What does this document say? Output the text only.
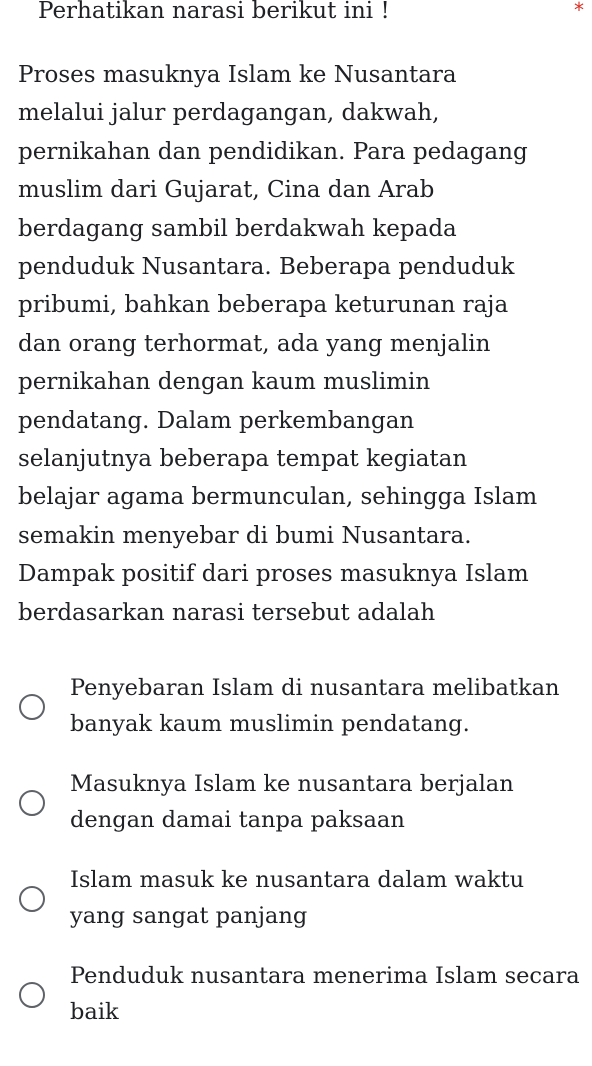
Perhatikan narasi berikut ini !	*

Proses masuknya Islam ke Nusantara
melalui jalur perdagangan, dakwah,
pernikahan dan pendidikan. Para pedagang
muslim dari Gujarat, Cina dan Arab
berdagang sambil berdakwah kepada
penduduk Nusantara. Beberapa penduduk
pribumi, bahkan beberapa keturunan raja
dan orang terhormat, ada yang menjalin
pernikahan dengan kaum muslimin
pendatang. Dalam perkembangan
selanjutnya beberapa tempat kegiatan
belajar agama bermunculan, sehingga Islam
semakin menyebar di bumi Nusantara.
Dampak positif dari proses masuknya Islam
berdasarkan narasi tersebut adalah

Penyebaran Islam di nusantara melibatkan
banyak kaum muslimin pendatang.
Masuknya Islam ke nusantara berjalan
dengan damai tanpa paksaan
Islam masuk ke nusantara dalam waktu
yang sangat panjang
Penduduk nusantara menerima Islam secara
baik
